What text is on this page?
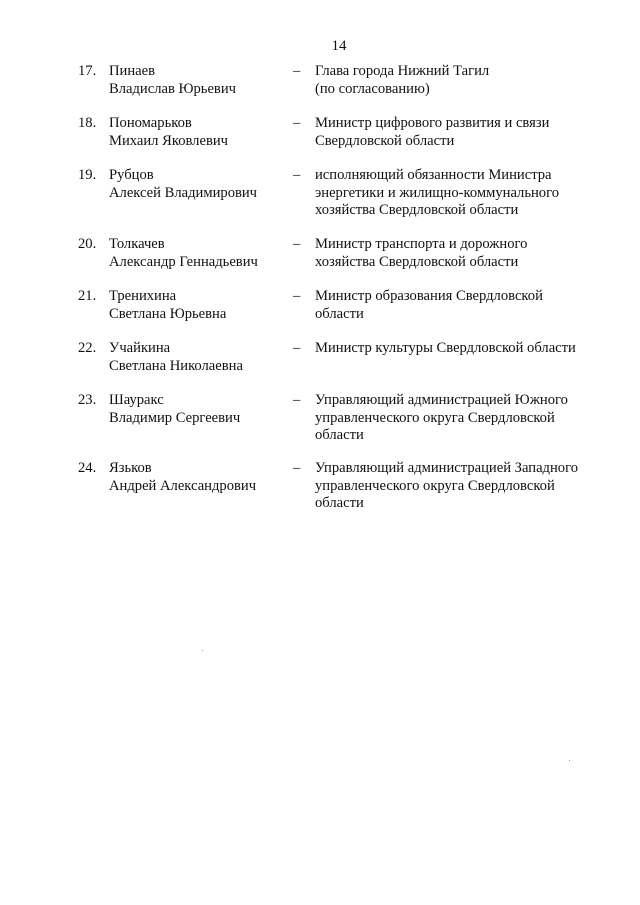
14
17. Пинаев
Владислав Юрьевич
– Глава города Нижний Тагил
(по согласованию)
18. Пономарьков
Михаил Яковлевич
– Министр цифрового развития и связи
Свердловской области
19. Рубцов
Алексей Владимирович
– исполняющий обязанности Министра
энергетики и жилищно-коммунального
хозяйства Свердловской области
20. Толкачев
Александр Геннадьевич
– Министр транспорта и дорожного
хозяйства Свердловской области
21. Тренихина
Светлана Юрьевна
– Министр образования Свердловской
области
22. Учайкина
Светлана Николаевна
– Министр культуры Свердловской области
23. Шауракс
Владимир Сергеевич
– Управляющий администрацией Южного
управленческого округа Свердловской
области
24. Язьков
Андрей Александрович
– Управляющий администрацией Западного
управленческого округа Свердловской
области
